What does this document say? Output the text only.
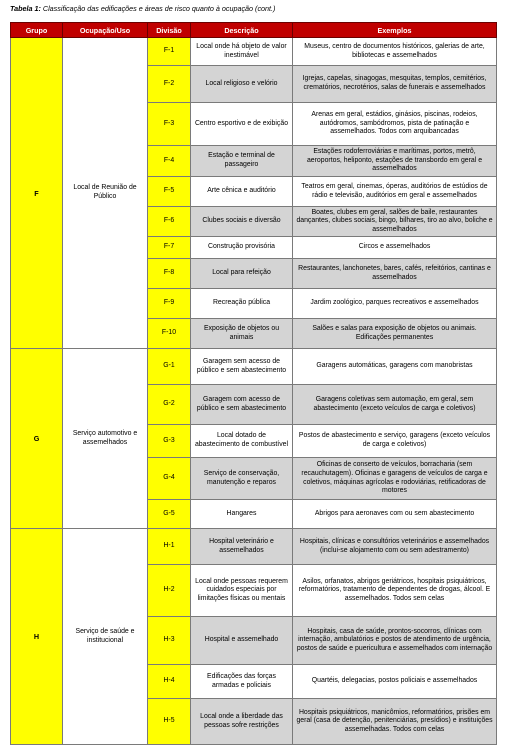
Tabela 1: Classificação das edificações e áreas de risco quanto à ocupação (cont.)
Grupo	Ocupação/Uso	Divisão	Descrição	Exemplos
F	Local de Reunião de Público	F-1	Local onde há objeto de valor inestimável	Museus, centro de documentos históricos, galerias de arte, bibliotecas e assemelhados
		F-2	Local religioso e velório	Igrejas, capelas, sinagogas, mesquitas, templos, cemitérios, crematórios, necrotérios, salas de funerais e assemelhados
		F-3	Centro esportivo e de exibição	Arenas em geral, estádios, ginásios, piscinas, rodeios, autódromos, sambódromos, pista de patinação e assemelhados. Todos com arquibancadas
		F-4	Estação e terminal de passageiro	Estações rodoferroviárias e marítimas, portos, metrô, aeroportos, heliponto, estações de transbordo em geral e assemelhados
		F-5	Arte cênica e auditório	Teatros em geral, cinemas, óperas, auditórios de estúdios de rádio e televisão, auditórios em geral e assemelhados
		F-6	Clubes sociais e diversão	Boates, clubes em geral, salões de baile, restaurantes dançantes, clubes sociais, bingo, bilhares, tiro ao alvo, boliche e assemelhados
		F-7	Construção provisória	Circos e assemelhados
		F-8	Local para refeição	Restaurantes, lanchonetes, bares, cafés, refeitórios, cantinas e assemelhados
		F-9	Recreação pública	Jardim zoológico, parques recreativos e assemelhados
		F-10	Exposição de objetos ou animais	Salões e salas para exposição de objetos ou animais. Edificações permanentes
G	Serviço automotivo e assemelhados	G-1	Garagem sem acesso de público e sem abastecimento	Garagens automáticas, garagens com manobristas
		G-2	Garagem com acesso de público e sem abastecimento	Garagens coletivas sem automação, em geral, sem abastecimento (exceto veículos de carga e coletivos)
		G-3	Local dotado de abastecimento de combustível	Postos de abastecimento e serviço, garagens (exceto veículos de carga e coletivos)
		G-4	Serviço de conservação, manutenção e reparos	Oficinas de conserto de veículos, borracharia (sem recauchutagem). Oficinas e garagens de veículos de carga e coletivos, máquinas agrícolas e rodoviárias, retificadoras de motores
		G-5	Hangares	Abrigos para aeronaves com ou sem abastecimento
H	Serviço de saúde e institucional	H-1	Hospital veterinário e assemelhados	Hospitais, clínicas e consultórios veterinários e assemelhados (inclui-se alojamento com ou sem adestramento)
		H-2	Local onde pessoas requerem cuidados especiais por limitações físicas ou mentais	Asilos, orfanatos, abrigos geriátricos, hospitais psiquiátricos, reformatórios, tratamento de dependentes de drogas, álcool. E assemelhados. Todos sem celas
		H-3	Hospital e assemelhado	Hospitais, casa de saúde, prontos-socorros, clínicas com internação, ambulatórios e postos de atendimento de urgência, postos de saúde e puericultura e assemelhados com internação
		H-4	Edificações das forças armadas e policiais	Quartéis, delegacias, postos policiais e assemelhados
		H-5	Local onde a liberdade das pessoas sofre restrições	Hospitais psiquiátricos, manicômios, reformatórios, prisões em geral (casa de detenção, penitenciárias, presídios) e instituições assemelhadas. Todos com celas
